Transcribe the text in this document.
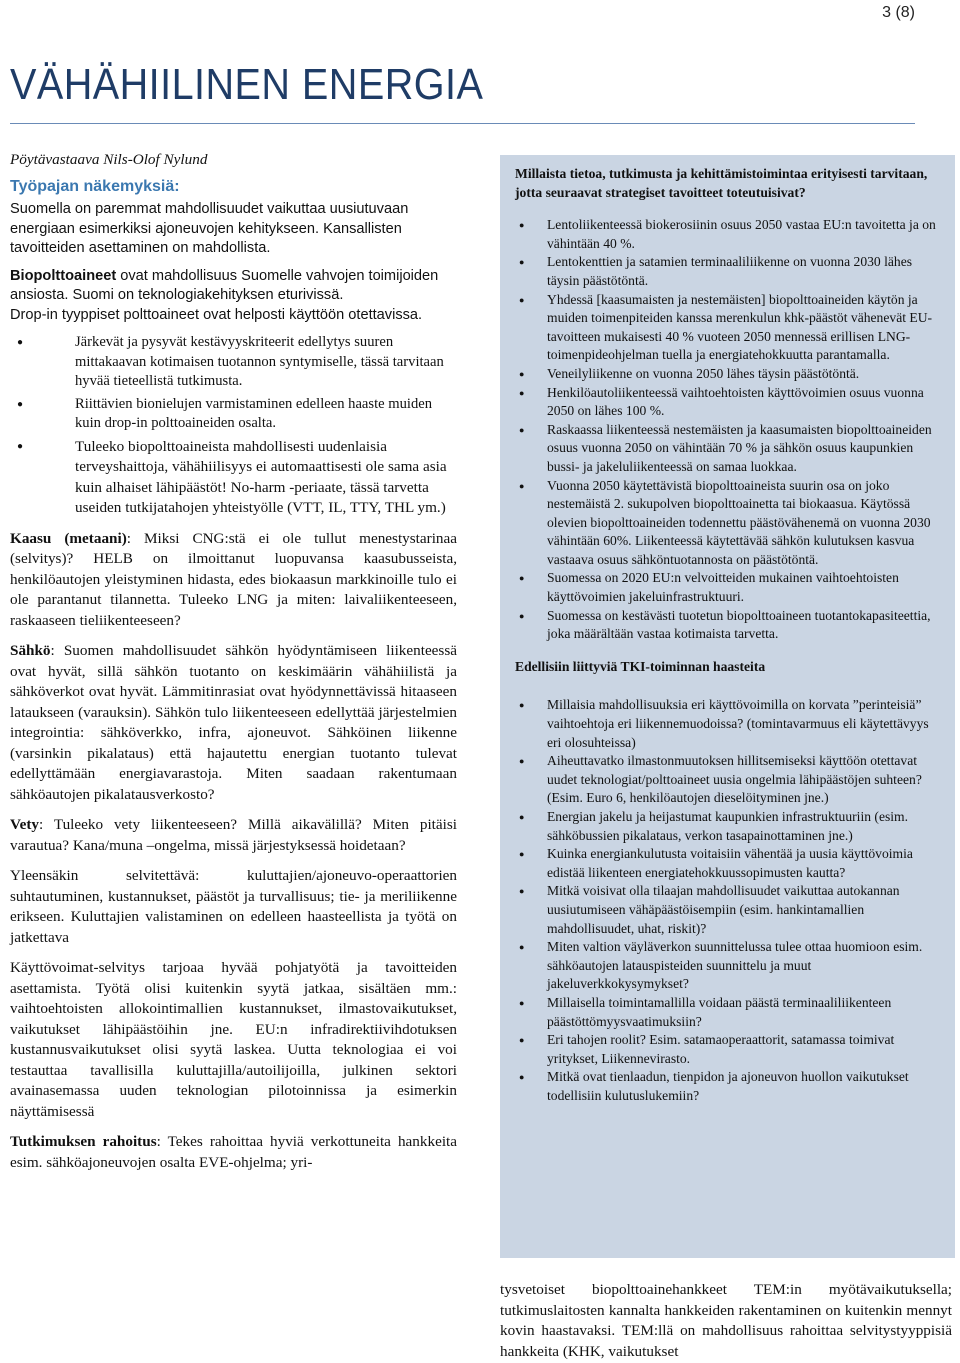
3 (8)
VÄHÄHIILINEN ENERGIA

Pöytävastaava Nils-Olof Nylund

Työpajan näkemyksiä:

Suomella on paremmat mahdollisuudet vaikuttaa uusiutuvaan energiaan esimerkiksi ajoneuvojen kehitykseen. Kansallisten tavoitteiden asettaminen on mahdollista.

Biopolttoaineet ovat mahdollisuus Suomelle vahvojen toimijoiden ansiosta. Suomi on teknologiakehityksen eturivissä.
Drop-in tyyppiset polttoaineet ovat helposti käyttöön otettavissa.

● Järkevät ja pysyvät kestävyyskriteerit edellytys suuren mittakaavan kotimaisen tuotannon syntymiselle, tässä tarvitaan hyvää tieteellistä tutkimusta.
● Riittävien bionielujen varmistaminen edelleen haaste muiden kuin drop-in polttoaineiden osalta.
● Tuleeko biopolttoaineista mahdollisesti uudenlaisia terveyshaittoja, vähähiilisyys ei automaattisesti ole sama asia kuin alhaiset lähipäästöt! No-harm -periaate, tässä tarvetta useiden tutkijatahojen yhteistyölle (VTT, IL, TTY, THL ym.)

Kaasu (metaani): Miksi CNG:stä ei ole tullut menestystarinaa (selvitys)? HELB on ilmoittanut luopuvansa kaasubusseista, henkilöautojen yleistyminen hidasta, edes biokaasun markkinoille tulo ei ole parantanut tilannetta. Tuleeko LNG ja miten: laivaliikenteeseen, raskaaseen tieliikenteeseen?

Sähkö: Suomen mahdollisuudet sähkön hyödyntämiseen liikenteessä ovat hyvät, sillä sähkön tuotanto on keskimäärin vähähiilistä ja sähköverkot ovat hyvät. Lämmitinrasiat ovat hyödynnettävissä hitaaseen lataukseen (varauksin). Sähkön tulo liikenteeseen edellyttää järjestelmien integrointia: sähköverkko, infra, ajoneuvot. Sähköinen liikenne (varsinkin pikalataus) että hajautettu energian tuotanto tulevat edellyttämään energiavarastoja. Miten saadaan rakentumaan sähköautojen pikalatausverkosto?

Vety: Tuleeko vety liikenteeseen? Millä aikavälillä? Miten pitäisi varautua? Kana/muna –ongelma, missä järjestyksessä hoidetaan?

Yleensäkin selvitettävä: kuluttajien/ajoneuvo-operaattorien suhtautuminen, kustannukset, päästöt ja turvallisuus; tie- ja meriliikenne erikseen. Kuluttajien valistaminen on edelleen haasteellista ja työtä on jatkettava

Käyttövoimat-selvitys tarjoaa hyvää pohjatyötä ja tavoitteiden asettamista. Työtä olisi kuitenkin syytä jatkaa, sisältäen mm.: vaihtoehtoisten allokointimallien kustannukset, ilmastovaikutukset, vaikutukset lähipäästöihin jne. EU:n infradirektiivihdotuksen kustannusvaikutukset olisi syytä laskea. Uutta teknologiaa ei voi testauttaa tavallisilla kuluttajilla/autoilijoilla, julkinen sektori avainasemassa uuden teknologian pilotoinnissa ja esimerkin näyttämisessä

Tutkimuksen rahoitus: Tekes rahoittaa hyviä verkottuneita hankkeita esim. sähköajoneuvojen osalta EVE-ohjelma; yri-

Millaista tietoa, tutkimusta ja kehittämistoimintaa erityisesti tarvitaan, jotta seuraavat strategiset tavoitteet toteutuisivat?
● Lentoliikenteessä biokerosiinin osuus 2050 vastaa EU:n tavoitetta ja on vähintään 40 %.
● Lentokenttien ja satamien terminaaliliikenne on vuonna 2030 lähes täysin päästötöntä.
● Yhdessä [kaasumaisten ja nestemäisten] biopolttoaineiden käytön ja muiden toimenpiteiden kanssa merenkulun khk-päästöt vähenevät EU-tavoitteen mukaisesti 40 % vuoteen 2050 mennessä erillisen LNG-toimenpideohjelman tuella ja energiatehokkuutta parantamalla.
● Veneilyliikenne on vuonna 2050 lähes täysin päästötöntä.
● Henkilöautoliikenteessä vaihtoehtoisten käyttövoimien osuus vuonna 2050 on lähes 100 %.
● Raskaassa liikenteessä nestemäisten ja kaasumaisten biopolttoaineiden osuus vuonna 2050 on vähintään 70 % ja sähkön osuus kaupunkien bussi- ja jakeluliikenteessä on samaa luokkaa.
● Vuonna 2050 käytettävistä biopolttoaineista suurin osa on joko nestemäistä 2. sukupolven biopolttoainetta tai biokaasua. Käytössä olevien biopolttoaineiden todennettu päästövähenemä on vuonna 2030 vähintään 60%. Liikenteessä käytettävää sähkön kulutuksen kasvua vastaava osuus sähköntuotannosta on päästötöntä.
● Suomessa on 2020 EU:n velvoitteiden mukainen vaihtoehtoisten käyttövoimien jakeluinfrastruktuuri.
● Suomessa on kestävästi tuotetun biopolttoaineen tuotantokapasiteettia, joka määrältään vastaa kotimaista tarvetta.
Edellisiin liittyviä TKI-toiminnan haasteita
● Millaisia mahdollisuuksia eri käyttövoimilla on korvata ”perinteisiä” vaihtoehtoja eri liikennemuodoissa? (tomintavarmuus eli käytettävyys eri olosuhteissa)
● Aiheuttavatko ilmastonmuutoksen hillitsemiseksi käyttöön otettavat uudet teknologiat/polttoaineet uusia ongelmia lähipäästöjen suhteen? (Esim. Euro 6, henkilöautojen dieselöityminen jne.)
● Energian jakelu ja heijastumat kaupunkien infrastruktuuriin (esim. sähköbussien pikalataus, verkon tasapainottaminen jne.)
● Kuinka energiankulutusta voitaisiin vähentää ja uusia käyttövoimia edistää liikenteen energiatehokkuussopimusten kautta?
● Mitkä voisivat olla tilaajan mahdollisuudet vaikuttaa autokannan uusiutumiseen vähäpäästöisempiin (esim. hankintamallien mahdollisuudet, uhat, riskit)?
● Miten valtion väyläverkon suunnittelussa tulee ottaa huomioon esim. sähköautojen latauspisteiden suunnittelu ja muut jakeluverkkokysymykset?
● Millaisella toimintamallilla voidaan päästä terminaaliliikenteen päästöttömyysvaatimuksiin?
● Eri tahojen roolit? Esim. satamaoperaattorit, satamassa toimivat yritykset, Liikennevirasto.
● Mitkä ovat tienlaadun, tienpidon ja ajoneuvon huollon vaikutukset todellisiin kulutuslukemiin?
tysvetoiset biopolttoainehankkeet TEM:in myötävaikutuksella; tutkimuslaitosten kannalta hankkeiden rakentaminen on kuitenkin mennyt kovin haastavaksi. TEM:llä on mahdollisuus rahoittaa selvitystyyppisiä hankkeita (KHK, vaikutukset
